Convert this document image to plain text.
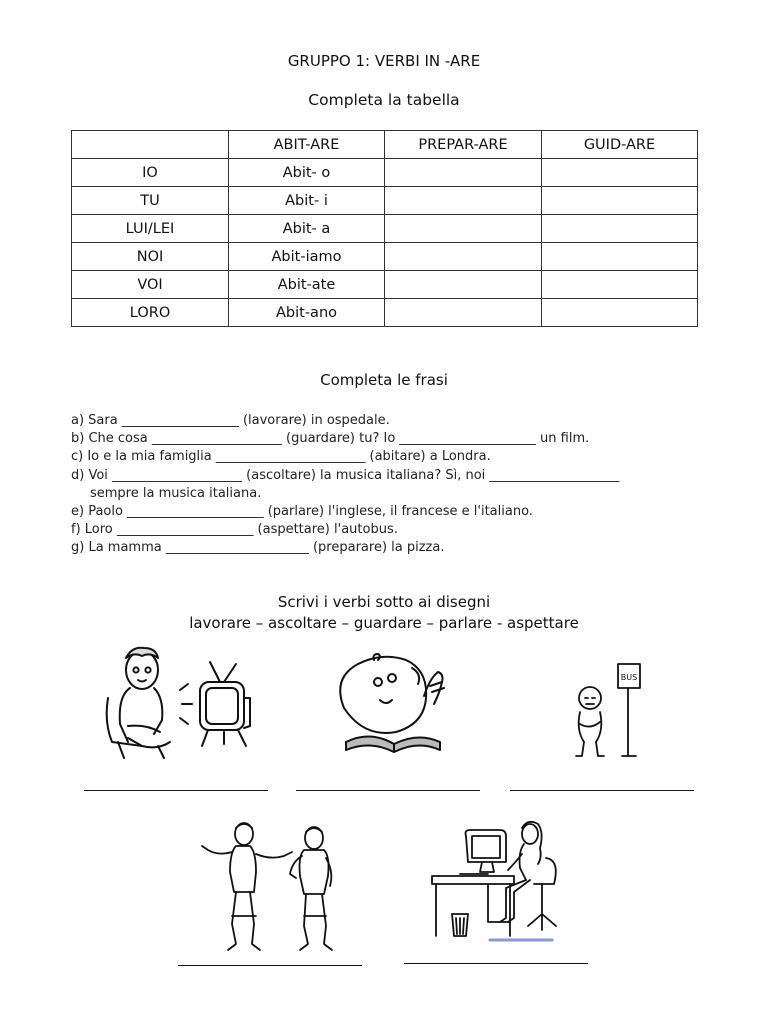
GRUPPO 1: VERBI IN -ARE
Completa la tabella
	ABIT-ARE	PREPAR-ARE	GUID-ARE
IO	Abit- o		
TU	Abit- i		
LUI/LEI	Abit- a		
NOI	Abit-iamo		
VOI	Abit-ate		
LORO	Abit-ano		
Completa le frasi
a) Sara __________________ (lavorare) in ospedale.
b) Che cosa ____________________ (guardare) tu? Io _____________________ un film.
c) Io e la mia famiglia _______________________ (abitare) a Londra.
d) Voi ____________________ (ascoltare) la musica italiana? Sì, noi ____________________
sempre la musica italiana.
e) Paolo _____________________ (parlare) l'inglese, il francese e l'italiano.
f) Loro _____________________ (aspettare) l'autobus.
g) La mamma ______________________ (preparare) la pizza.
Scrivi i verbi sotto ai disegni
lavorare – ascoltare – guardare – parlare - aspettare
BUS
